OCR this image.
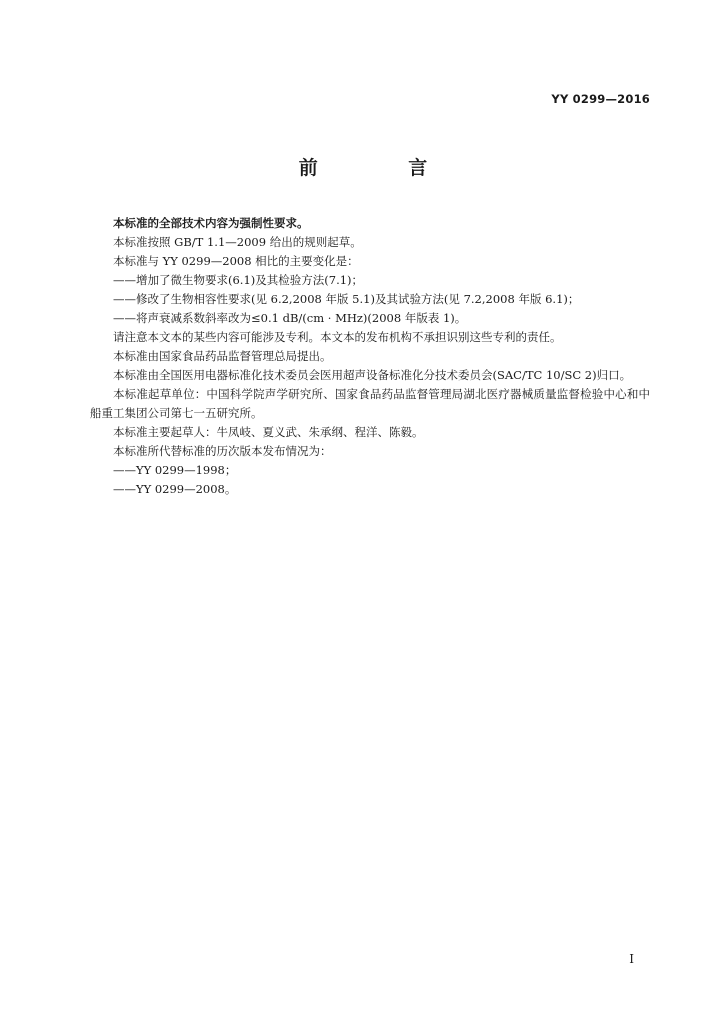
YY 0299—2016
前 言

本标准的全部技术内容为强制性要求。

本标准按照 GB/T 1.1—2009 给出的规则起草。

本标准与 YY 0299—2008 相比的主要变化是：

——增加了微生物要求(6.1)及其检验方法(7.1)；

——修改了生物相容性要求(见 6.2,2008 年版 5.1)及其试验方法(见 7.2,2008 年版 6.1)；

——将声衰减系数斜率改为≤0.1 dB/(cm · MHz)(2008 年版表 1)。

请注意本文本的某些内容可能涉及专利。本文本的发布机构不承担识别这些专利的责任。

本标准由国家食品药品监督管理总局提出。

本标准由全国医用电器标准化技术委员会医用超声设备标准化分技术委员会(SAC/TC 10/SC 2)归口。

本标准起草单位：中国科学院声学研究所、国家食品药品监督管理局湖北医疗器械质量监督检验中心和中船重工集团公司第七一五研究所。

本标准主要起草人：牛凤岐、夏义武、朱承纲、程洋、陈毅。

本标准所代替标准的历次版本发布情况为：

——YY 0299—1998；

——YY 0299—2008。

I
